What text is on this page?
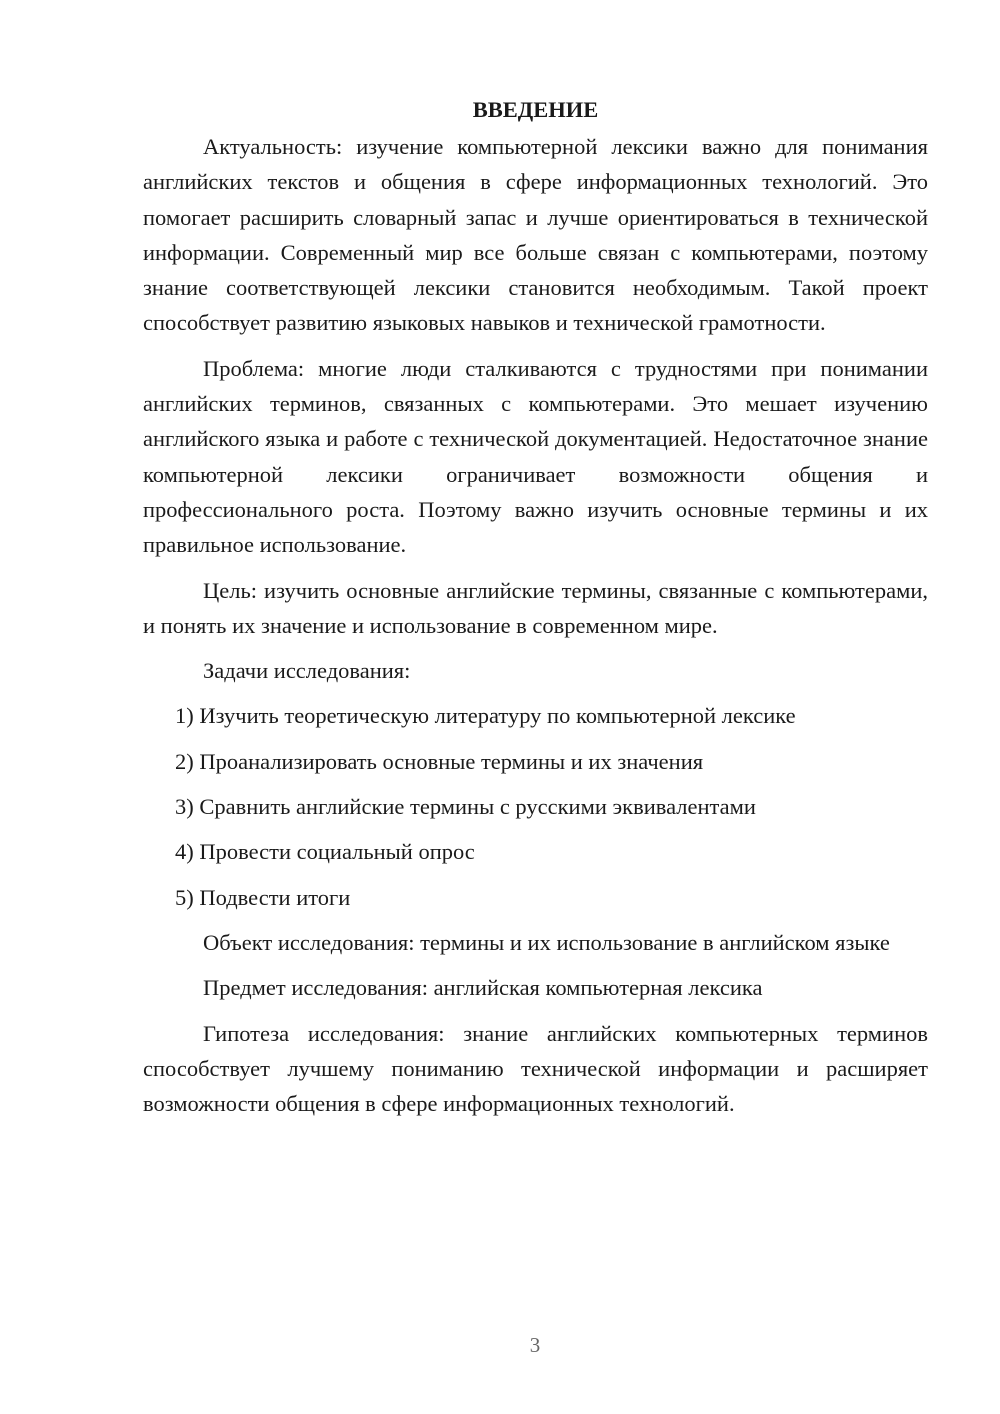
ВВЕДЕНИЕ

Актуальность: изучение компьютерной лексики важно для понимания английских текстов и общения в сфере информационных технологий. Это помогает расширить словарный запас и лучше ориентироваться в технической информации. Современный мир все больше связан с компьютерами, поэтому знание соответствующей лексики становится необходимым. Такой проект способствует развитию языковых навыков и технической грамотности.

Проблема: многие люди сталкиваются с трудностями при понимании английских терминов, связанных с компьютерами. Это мешает изучению английского языка и работе с технической документацией. Недостаточное знание компьютерной лексики ограничивает возможности общения и профессионального роста. Поэтому важно изучить основные термины и их правильное использование.

Цель: изучить основные английские термины, связанные с компьютерами, и понять их значение и использование в современном мире.

Задачи исследования:

1) Изучить теоретическую литературу по компьютерной лексике
2) Проанализировать основные термины и их значения
3) Сравнить английские термины с русскими эквивалентами
4) Провести социальный опрос
5) Подвести итоги

Объект исследования: термины и их использование в английском языке

Предмет исследования: английская компьютерная лексика

Гипотеза исследования: знание английских компьютерных терминов способствует лучшему пониманию технической информации и расширяет возможности общения в сфере информационных технологий.

3
